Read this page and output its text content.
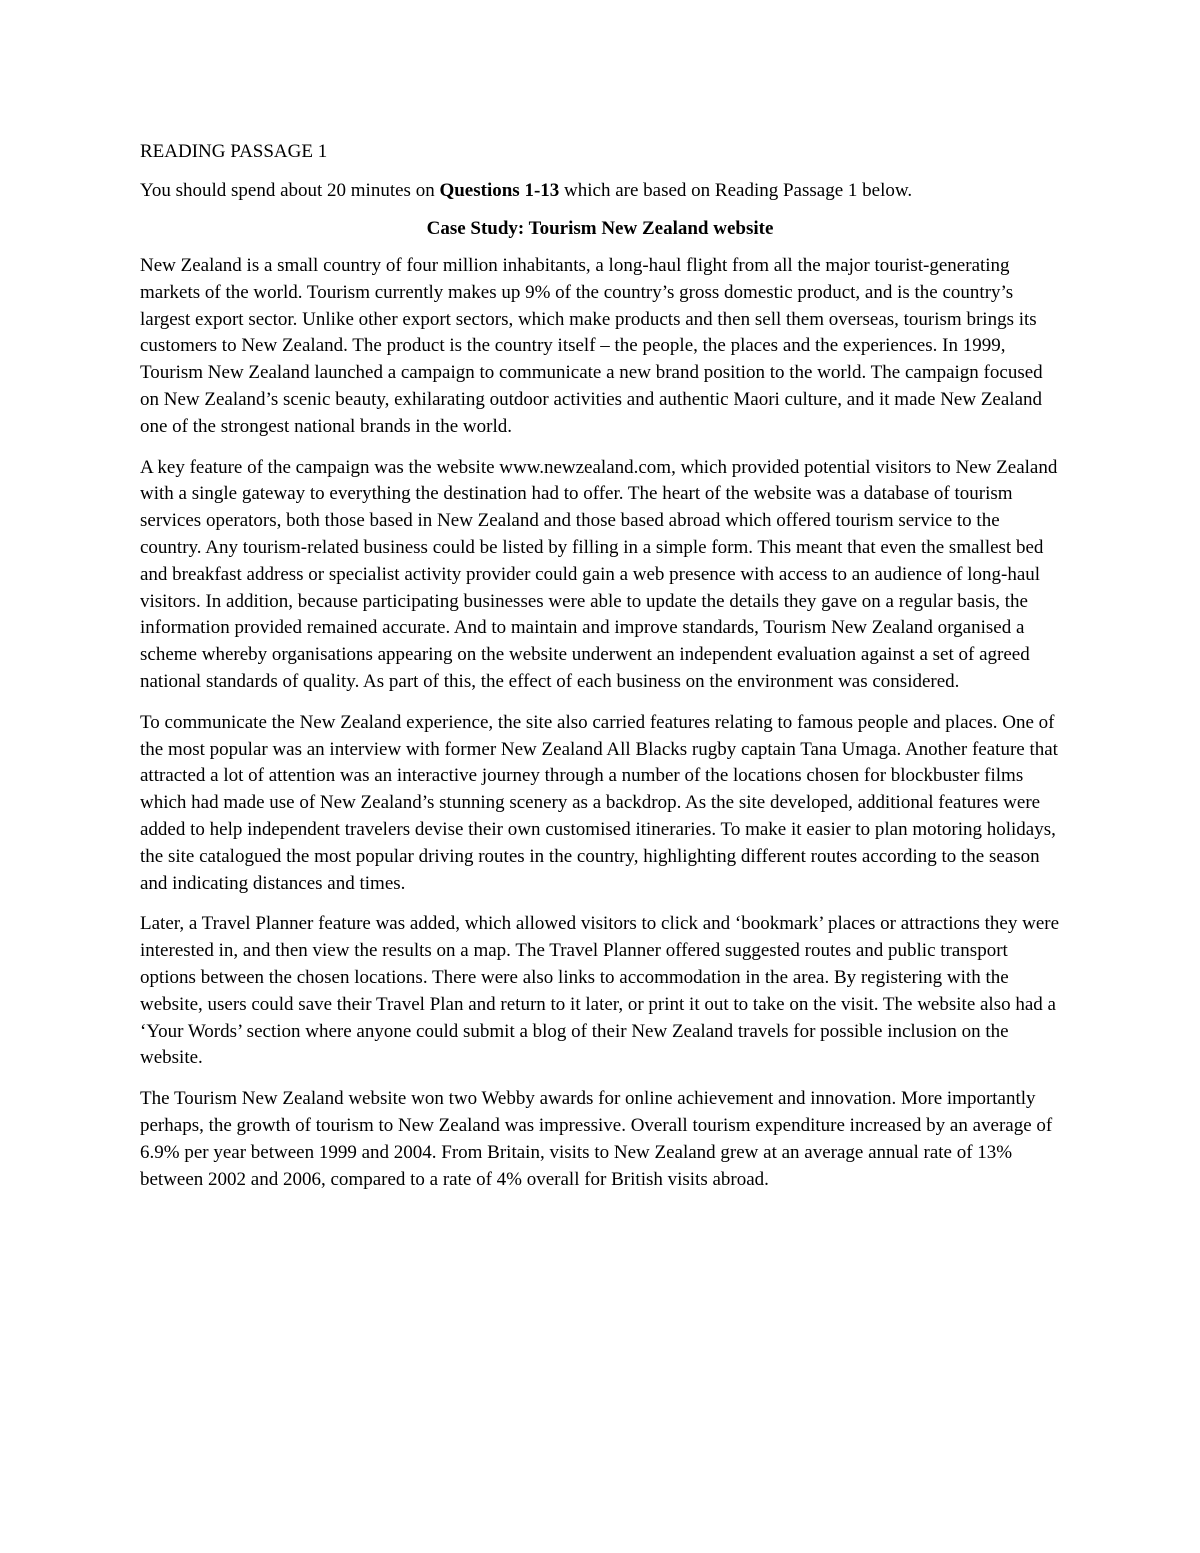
READING PASSAGE 1

You should spend about 20 minutes on Questions 1-13 which are based on Reading Passage 1 below.

Case Study: Tourism New Zealand website

New Zealand is a small country of four million inhabitants, a long-haul flight from all the major tourist-generating markets of the world. Tourism currently makes up 9% of the country’s gross domestic product, and is the country’s largest export sector. Unlike other export sectors, which make products and then sell them overseas, tourism brings its customers to New Zealand. The product is the country itself – the people, the places and the experiences. In 1999, Tourism New Zealand launched a campaign to communicate a new brand position to the world. The campaign focused on New Zealand’s scenic beauty, exhilarating outdoor activities and authentic Maori culture, and it made New Zealand one of the strongest national brands in the world.

A key feature of the campaign was the website www.newzealand.com, which provided potential visitors to New Zealand with a single gateway to everything the destination had to offer. The heart of the website was a database of tourism services operators, both those based in New Zealand and those based abroad which offered tourism service to the country. Any tourism-related business could be listed by filling in a simple form. This meant that even the smallest bed and breakfast address or specialist activity provider could gain a web presence with access to an audience of long-haul visitors. In addition, because participating businesses were able to update the details they gave on a regular basis, the information provided remained accurate. And to maintain and improve standards, Tourism New Zealand organised a scheme whereby organisations appearing on the website underwent an independent evaluation against a set of agreed national standards of quality. As part of this, the effect of each business on the environment was considered.

To communicate the New Zealand experience, the site also carried features relating to famous people and places. One of the most popular was an interview with former New Zealand All Blacks rugby captain Tana Umaga. Another feature that attracted a lot of attention was an interactive journey through a number of the locations chosen for blockbuster films which had made use of New Zealand’s stunning scenery as a backdrop. As the site developed, additional features were added to help independent travelers devise their own customised itineraries. To make it easier to plan motoring holidays, the site catalogued the most popular driving routes in the country, highlighting different routes according to the season and indicating distances and times.

Later, a Travel Planner feature was added, which allowed visitors to click and ‘bookmark’ places or attractions they were interested in, and then view the results on a map. The Travel Planner offered suggested routes and public transport options between the chosen locations. There were also links to accommodation in the area. By registering with the website, users could save their Travel Plan and return to it later, or print it out to take on the visit. The website also had a ‘Your Words’ section where anyone could submit a blog of their New Zealand travels for possible inclusion on the website.

The Tourism New Zealand website won two Webby awards for online achievement and innovation. More importantly perhaps, the growth of tourism to New Zealand was impressive. Overall tourism expenditure increased by an average of 6.9% per year between 1999 and 2004. From Britain, visits to New Zealand grew at an average annual rate of 13% between 2002 and 2006, compared to a rate of 4% overall for British visits abroad.
